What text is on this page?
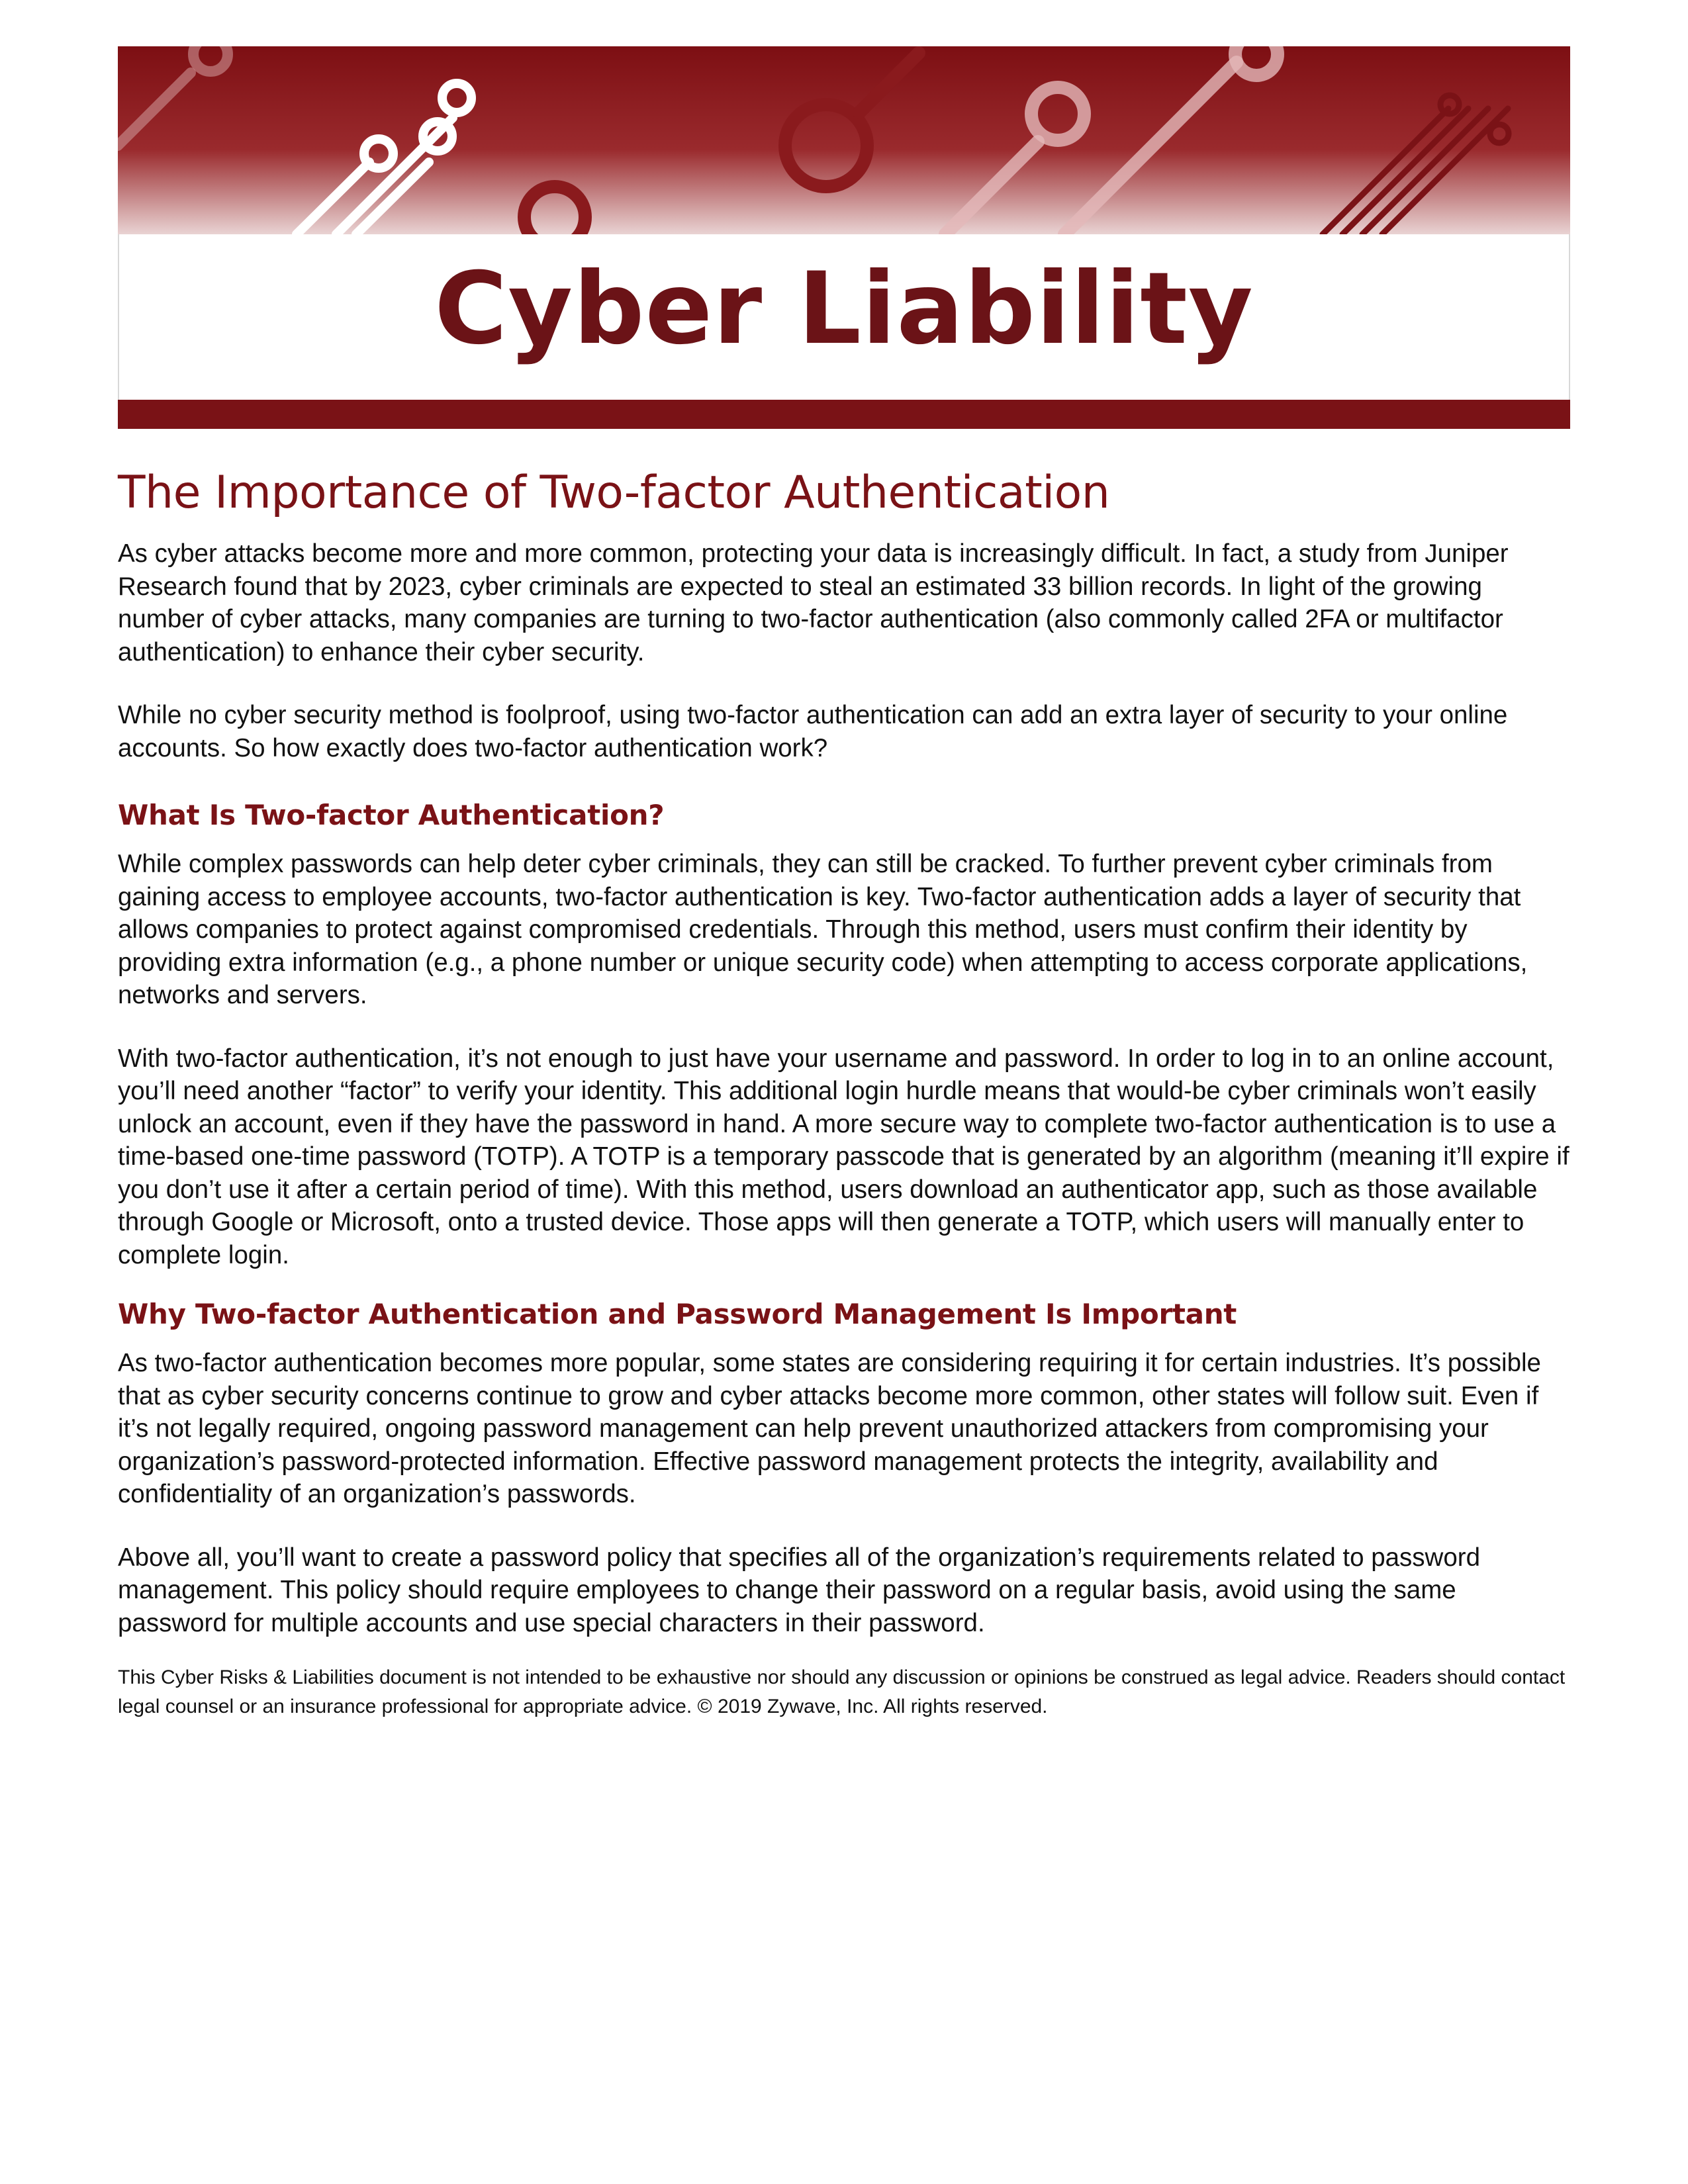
Cyber Liability
The Importance of Two-factor Authentication

As cyber attacks become more and more common, protecting your data is increasingly difficult. In fact, a study from Juniper Research found that by 2023, cyber criminals are expected to steal an estimated 33 billion records. In light of the growing number of cyber attacks, many companies are turning to two-factor authentication (also commonly called 2FA or multifactor authentication) to enhance their cyber security.

While no cyber security method is foolproof, using two-factor authentication can add an extra layer of security to your online accounts. So how exactly does two-factor authentication work?

What Is Two-factor Authentication?

While complex passwords can help deter cyber criminals, they can still be cracked. To further prevent cyber criminals from gaining access to employee accounts, two-factor authentication is key. Two-factor authentication adds a layer of security that allows companies to protect against compromised credentials. Through this method, users must confirm their identity by providing extra information (e.g., a phone number or unique security code) when attempting to access corporate applications, networks and servers.

With two-factor authentication, it’s not enough to just have your username and password. In order to log in to an online account, you’ll need another “factor” to verify your identity. This additional login hurdle means that would-be cyber criminals won’t easily unlock an account, even if they have the password in hand. A more secure way to complete two-factor authentication is to use a time-based one-time password (TOTP). A TOTP is a temporary passcode that is generated by an algorithm (meaning it’ll expire if you don’t use it after a certain period of time). With this method, users download an authenticator app, such as those available through Google or Microsoft, onto a trusted device. Those apps will then generate a TOTP, which users will manually enter to complete login.

Why Two-factor Authentication and Password Management Is Important

As two-factor authentication becomes more popular, some states are considering requiring it for certain industries. It’s possible that as cyber security concerns continue to grow and cyber attacks become more common, other states will follow suit. Even if it’s not legally required, ongoing password management can help prevent unauthorized attackers from compromising your organization’s password-protected information. Effective password management protects the integrity, availability and confidentiality of an organization’s passwords.

Above all, you’ll want to create a password policy that specifies all of the organization’s requirements related to password management. This policy should require employees to change their password on a regular basis, avoid using the same password for multiple accounts and use special characters in their password.

This Cyber Risks & Liabilities document is not intended to be exhaustive nor should any discussion or opinions be construed as legal advice. Readers should contact legal counsel or an insurance professional for appropriate advice. © 2019 Zywave, Inc. All rights reserved.
